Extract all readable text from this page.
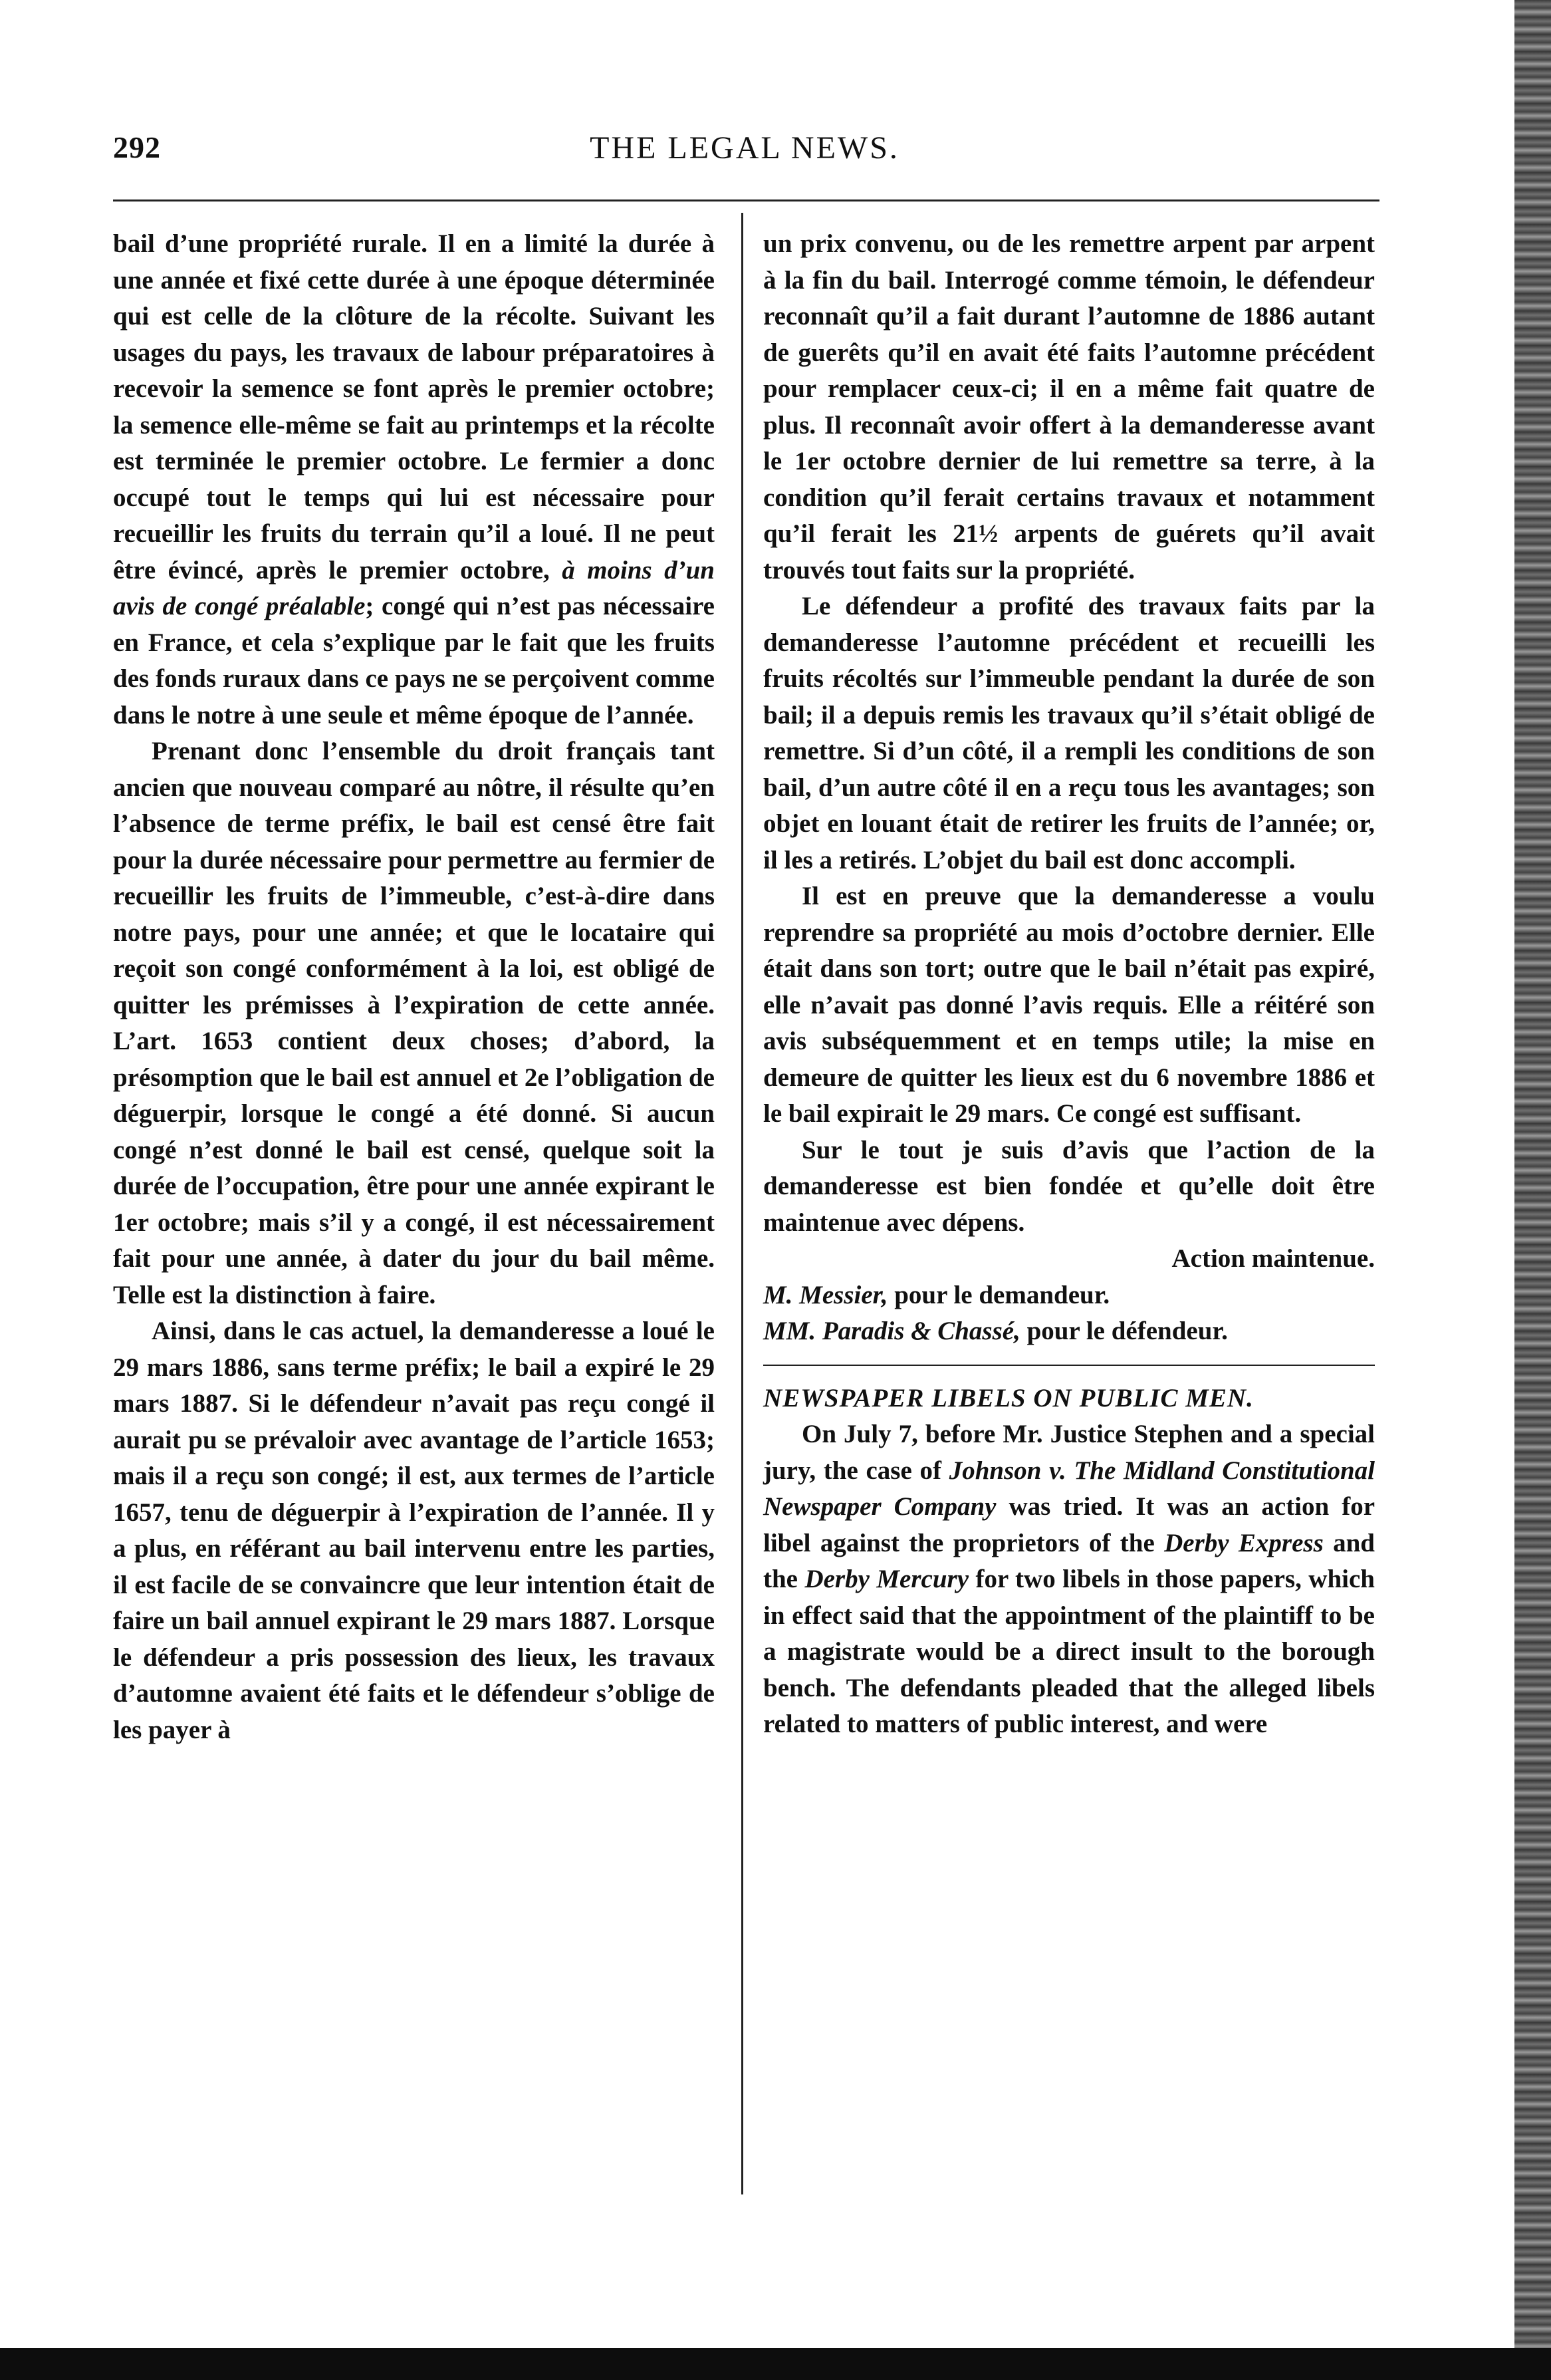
292	THE LEGAL NEWS.

bail d’une propriété rurale. Il en a limité la durée à une année et fixé cette durée à une époque déterminée qui est celle de la clôture de la récolte. Suivant les usages du pays, les travaux de labour préparatoires à recevoir la semence se font après le premier octobre; la semence elle-même se fait au printemps et la récolte est terminée le premier octobre. Le fermier a donc occupé tout le temps qui lui est nécessaire pour recueillir les fruits du terrain qu’il a loué. Il ne peut être évincé, après le premier octobre, à moins d’un avis de congé préalable; congé qui n’est pas nécessaire en France, et cela s’explique par le fait que les fruits des fonds ruraux dans ce pays ne se perçoivent comme dans le notre à une seule et même époque de l’année.

Prenant donc l’ensemble du droit français tant ancien que nouveau comparé au nôtre, il résulte qu’en l’absence de terme préfix, le bail est censé être fait pour la durée nécessaire pour permettre au fermier de recueillir les fruits de l’immeuble, c’est-à-dire dans notre pays, pour une année; et que le locataire qui reçoit son congé conformément à la loi, est obligé de quitter les prémisses à l’expiration de cette année. L’art. 1653 contient deux choses; d’abord, la présomption que le bail est annuel et 2e l’obligation de déguerpir, lorsque le congé a été donné. Si aucun congé n’est donné le bail est censé, quelque soit la durée de l’occupation, être pour une année expirant le 1er octobre; mais s’il y a congé, il est nécessairement fait pour une année, à dater du jour du bail même. Telle est la distinction à faire.

Ainsi, dans le cas actuel, la demanderesse a loué le 29 mars 1886, sans terme préfix; le bail a expiré le 29 mars 1887. Si le défendeur n’avait pas reçu congé il aurait pu se prévaloir avec avantage de l’article 1653; mais il a reçu son congé; il est, aux termes de l’article 1657, tenu de déguerpir à l’expiration de l’année. Il y a plus, en référant au bail intervenu entre les parties, il est facile de se convaincre que leur intention était de faire un bail annuel expirant le 29 mars 1887. Lorsque le défendeur a pris possession des lieux, les travaux d’automne avaient été faits et le défendeur s’oblige de les payer à

un prix convenu, ou de les remettre arpent par arpent à la fin du bail. Interrogé comme témoin, le défendeur reconnaît qu’il a fait durant l’automne de 1886 autant de guerêts qu’il en avait été faits l’automne précédent pour remplacer ceux-ci; il en a même fait quatre de plus. Il reconnaît avoir offert à la demanderesse avant le 1er octobre dernier de lui remettre sa terre, à la condition qu’il ferait certains travaux et notamment qu’il ferait les 21½ arpents de guérets qu’il avait trouvés tout faits sur la propriété.

Le défendeur a profité des travaux faits par la demanderesse l’automne précédent et recueilli les fruits récoltés sur l’immeuble pendant la durée de son bail; il a depuis remis les travaux qu’il s’était obligé de remettre. Si d’un côté, il a rempli les conditions de son bail, d’un autre côté il en a reçu tous les avantages; son objet en louant était de retirer les fruits de l’année; or, il les a retirés. L’objet du bail est donc accompli.

Il est en preuve que la demanderesse a voulu reprendre sa propriété au mois d’octobre dernier. Elle était dans son tort; outre que le bail n’était pas expiré, elle n’avait pas donné l’avis requis. Elle a réitéré son avis subséquemment et en temps utile; la mise en demeure de quitter les lieux est du 6 novembre 1886 et le bail expirait le 29 mars. Ce congé est suffisant.

Sur le tout je suis d’avis que l’action de la demanderesse est bien fondée et qu’elle doit être maintenue avec dépens.

Action maintenue.

M. Messier, pour le demandeur.

MM. Paradis & Chassé, pour le défendeur.

NEWSPAPER LIBELS ON PUBLIC MEN.

On July 7, before Mr. Justice Stephen and a special jury, the case of Johnson v. The Midland Constitutional Newspaper Company was tried. It was an action for libel against the proprietors of the Derby Express and the Derby Mercury for two libels in those papers, which in effect said that the appointment of the plaintiff to be a magistrate would be a direct insult to the borough bench. The defendants pleaded that the alleged libels related to matters of public interest, and were
